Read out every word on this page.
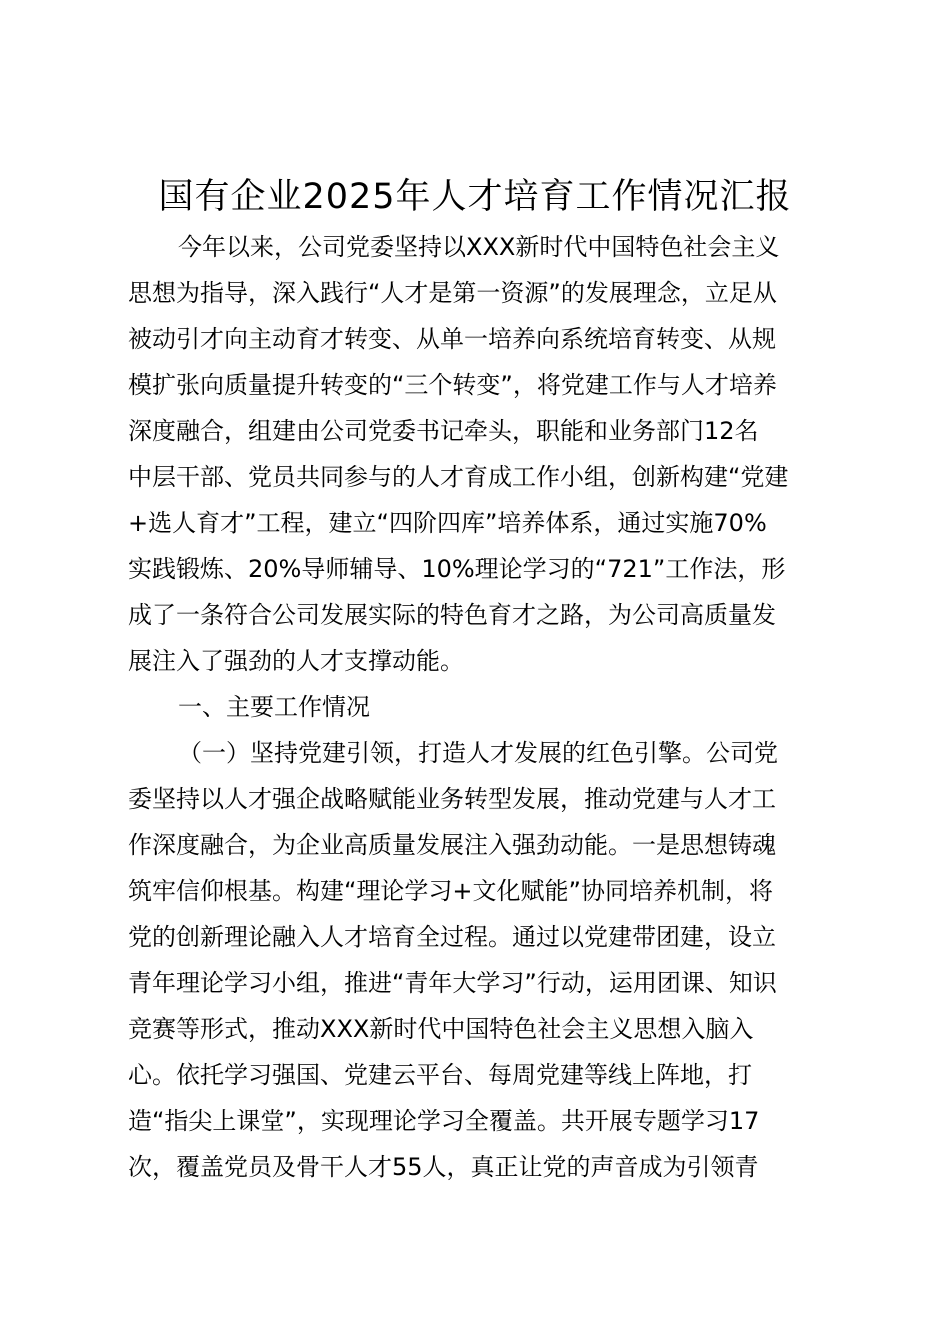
国有企业2025年人才培育工作情况汇报
今年以来，公司党委坚持以XXX新时代中国特色社会主义
思想为指导，深入践行“人才是第一资源”的发展理念，立足从
被动引才向主动育才转变、从单一培养向系统培育转变、从规
模扩张向质量提升转变的“三个转变”，将党建工作与人才培养
深度融合，组建由公司党委书记牵头，职能和业务部门12名
中层干部、党员共同参与的人才育成工作小组，创新构建“党建
+选人育才”工程，建立“四阶四库”培养体系，通过实施70%
实践锻炼、20%导师辅导、10%理论学习的“721”工作法，形
成了一条符合公司发展实际的特色育才之路，为公司高质量发
展注入了强劲的人才支撑动能。
一、主要工作情况
（一）坚持党建引领，打造人才发展的红色引擎。公司党
委坚持以人才强企战略赋能业务转型发展，推动党建与人才工
作深度融合，为企业高质量发展注入强劲动能。一是思想铸魂
筑牢信仰根基。构建“理论学习+文化赋能”协同培养机制，将
党的创新理论融入人才培育全过程。通过以党建带团建，设立
青年理论学习小组，推进“青年大学习”行动，运用团课、知识
竞赛等形式，推动XXX新时代中国特色社会主义思想入脑入
心。依托学习强国、党建云平台、每周党建等线上阵地，打
造“指尖上课堂”，实现理论学习全覆盖。共开展专题学习17
次，覆盖党员及骨干人才55人，真正让党的声音成为引领青
